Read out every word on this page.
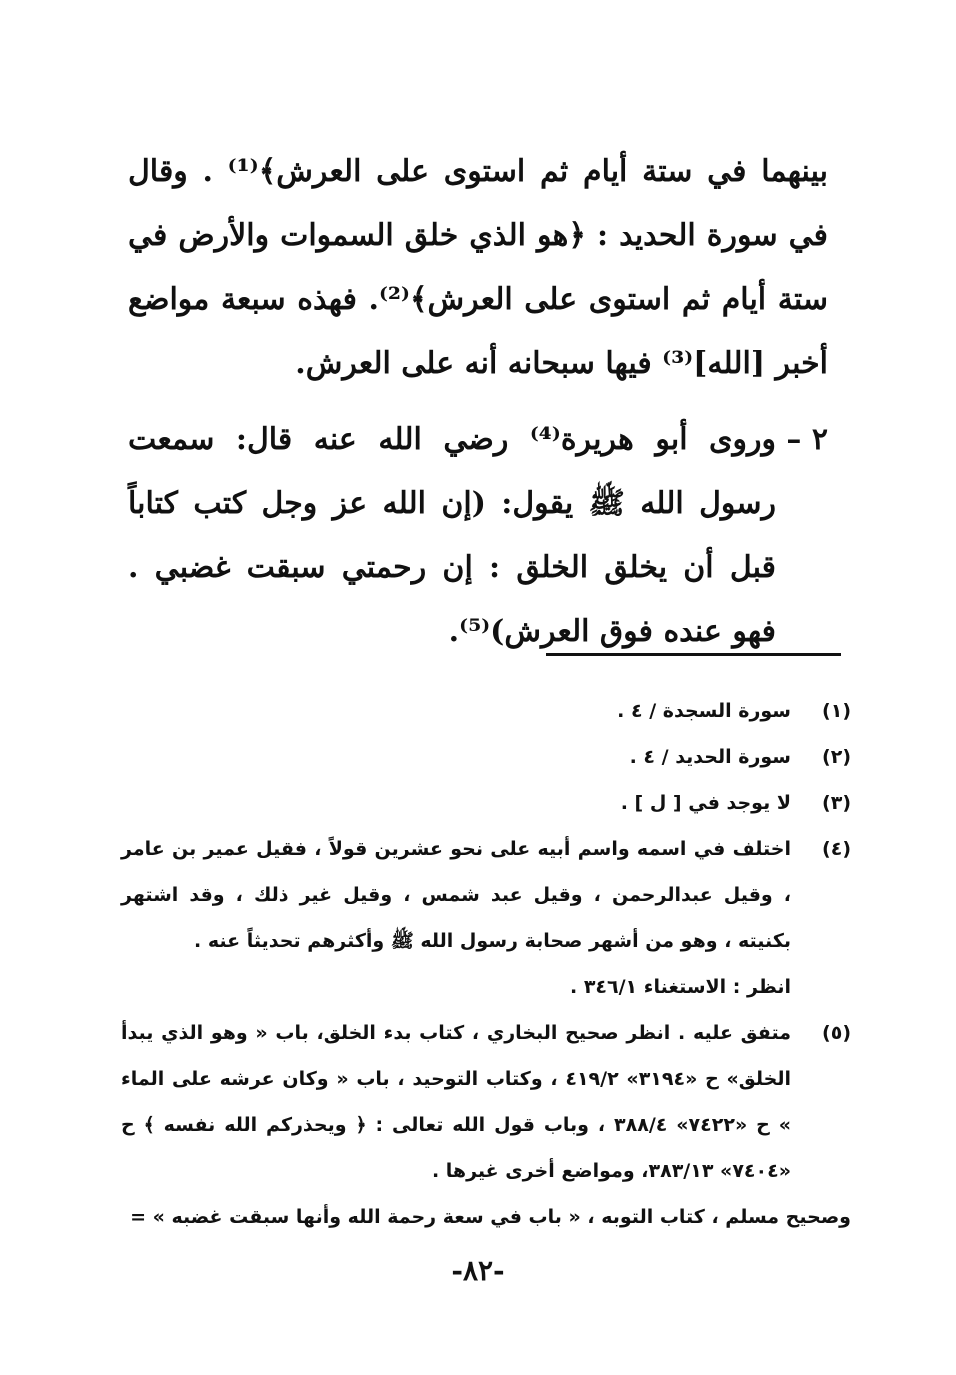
بينهما في ستة أيام ثم استوى على العرش﴾⁽¹⁾ . وقال في سورة الحديد : ﴿هو الذي خلق السموات والأرض في ستة أيام ثم استوى على العرش﴾⁽²⁾. فهذه سبعة مواضع أخبر [الله]⁽³⁾ فيها سبحانه أنه على العرش.

٢ –
وروى أبو هريرة⁽⁴⁾ رضي الله عنه قال: سمعت رسول الله ﷺ يقول: (إن الله عز وجل كتب كتاباً قبل أن يخلق الخلق : إن رحمتي سبقت غضبي . فهو عنده فوق العرش)⁽⁵⁾.
(١)
سورة السجدة / ٤ .
(٢)
سورة الحديد / ٤ .
(٣)
لا يوجد في [ ل ] .
(٤)
اختلف في اسمه واسم أبيه على نحو عشرين قولاً ، فقيل عمير بن عامر ، وقيل عبدالرحمن ، وقيل عبد شمس ، وقيل غير ذلك ، وقد اشتهر بكنيته ، وهو من أشهر صحابة رسول الله ﷺ وأكثرهم تحديثاً عنه .
انظر : الاستغناء ٣٤٦/١ .
(٥)
متفق عليه . انظر صحيح البخاري ، كتاب بدء الخلق، باب « وهو الذي يبدأ الخلق» ح «٣١٩٤» ٤١٩/٢ ، وكتاب التوحيد ، باب « وكان عرشه على الماء » ح «٧٤٢٢» ٣٨٨/٤ ، وباب قول الله تعالى : ﴿ ويحذركم الله نفسه ﴾ ح «٧٤٠٤» ٣٨٣/١٣، ومواضع أخرى غيرها .
وصحيح مسلم ، كتاب التوبه ، « باب في سعة رحمة الله وأنها سبقت غضبه » =
-٨٢-
